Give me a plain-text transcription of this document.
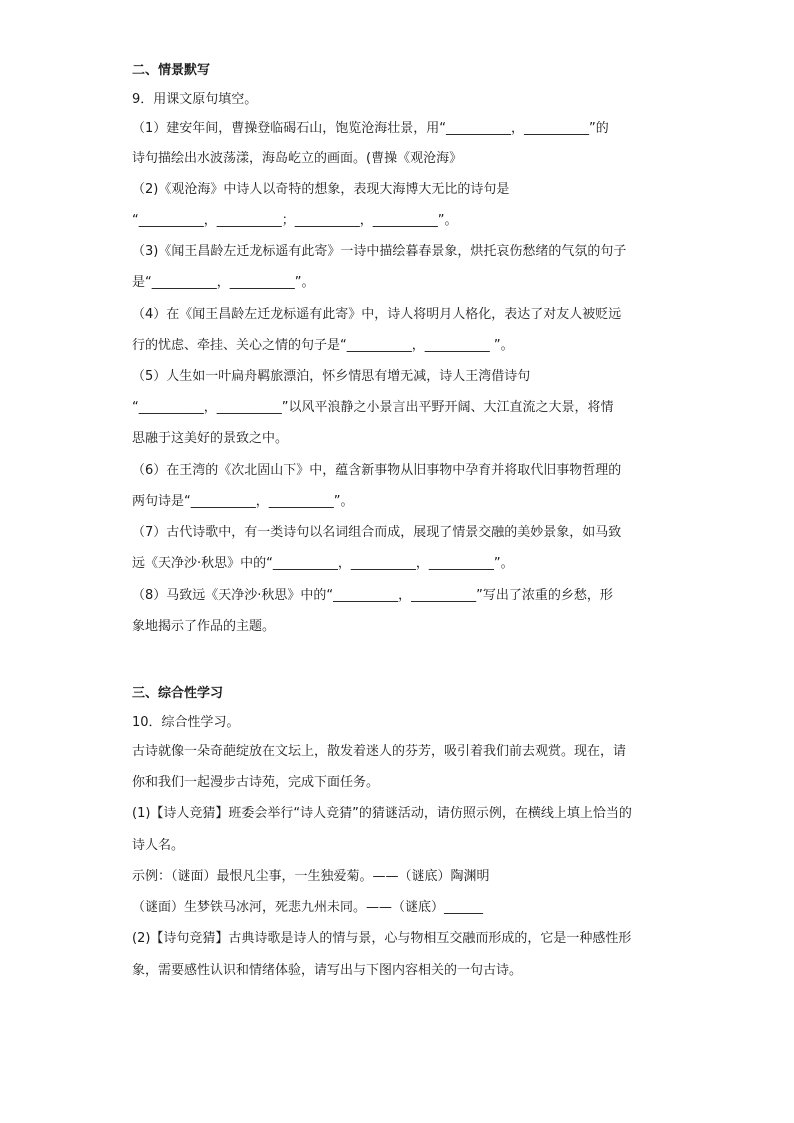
二、情景默写
9．用课文原句填空。
（1）建安年间，曹操登临碣石山，饱览沧海壮景，用“__________，__________”的
诗句描绘出水波荡漾，海岛屹立的画面。(曹操《观沧海》
（2)《观沧海》中诗人以奇特的想象，表现大海博大无比的诗句是
“__________，__________；__________，__________”。
（3)《闻王昌龄左迁龙标遥有此寄》一诗中描绘暮春景象，烘托哀伤愁绪的气氛的句子
是“__________，__________”。
（4）在《闻王昌龄左迁龙标遥有此寄》中，诗人将明月人格化，表达了对友人被贬远
行的忧虑、牵挂、关心之情的句子是“__________，__________ ”。
（5）人生如一叶扁舟羁旅漂泊，怀乡情思有增无减，诗人王湾借诗句
“__________，__________”以风平浪静之小景言出平野开阔、大江直流之大景，将情
思融于这美好的景致之中。
（6）在王湾的《次北固山下》中，蕴含新事物从旧事物中孕育并将取代旧事物哲理的
两句诗是“__________，__________”。
（7）古代诗歌中，有一类诗句以名词组合而成，展现了情景交融的美妙景象，如马致
远《天净沙·秋思》中的“__________，__________，__________”。
（8）马致远《天净沙·秋思》中的“__________，__________”写出了浓重的乡愁，形
象地揭示了作品的主题。
三、综合性学习
10．综合性学习。
古诗就像一朵奇葩绽放在文坛上，散发着迷人的芬芳，吸引着我们前去观赏。现在，请
你和我们一起漫步古诗苑，完成下面任务。
(1)【诗人竞猜】班委会举行“诗人竞猜”的猜谜活动，请仿照示例，在横线上填上恰当的
诗人名。
示例：（谜面）最恨凡尘事，一生独爱菊。——（谜底）陶渊明
（谜面）生梦铁马冰河，死悲九州未同。——（谜底）______
(2)【诗句竞猜】古典诗歌是诗人的情与景，心与物相互交融而形成的，它是一种感性形
象，需要感性认识和情绪体验，请写出与下图内容相关的一句古诗。
